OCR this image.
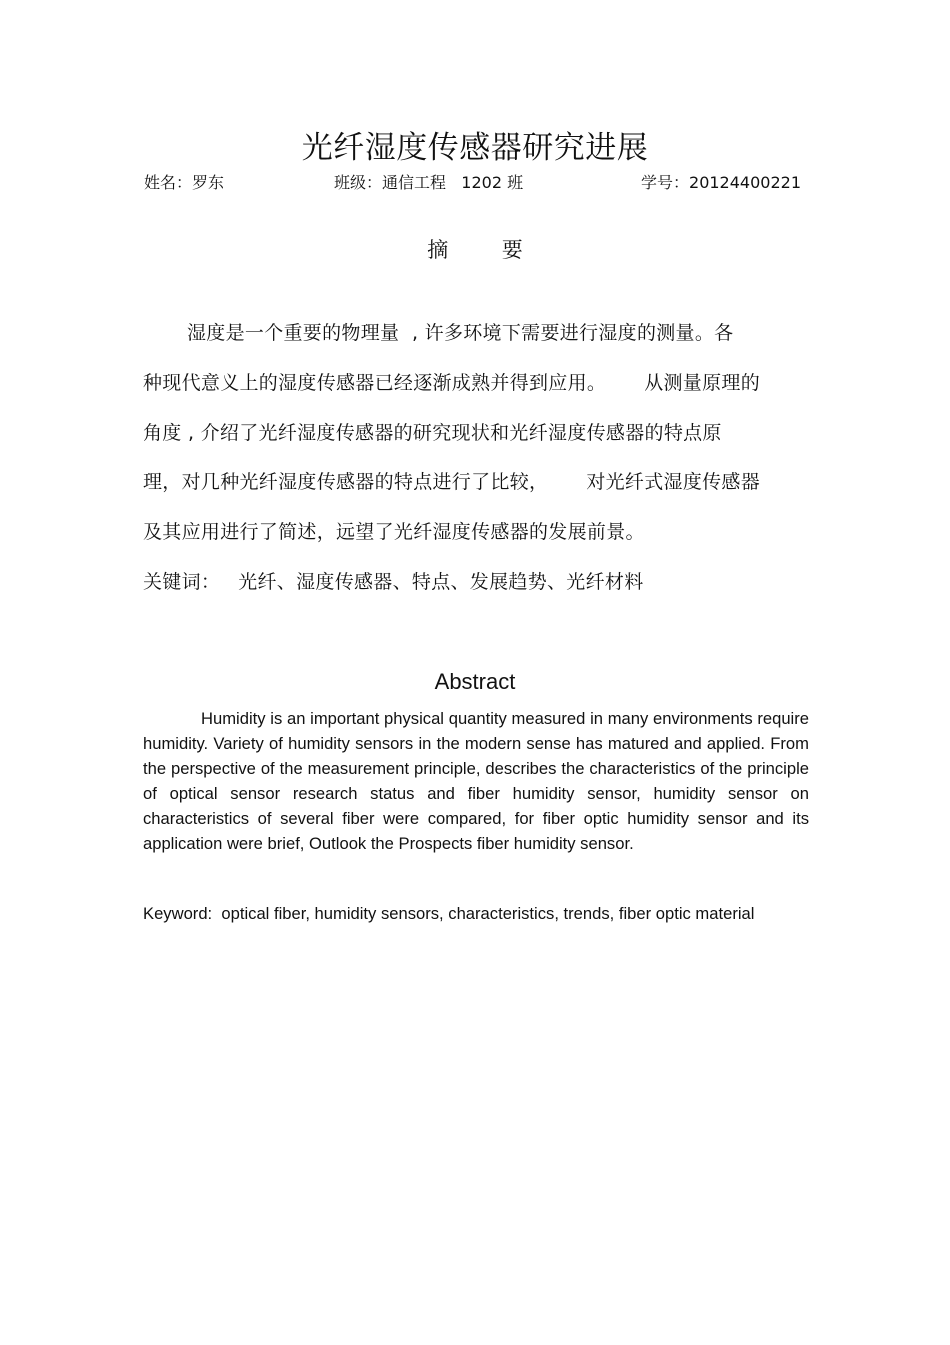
光纤湿度传感器研究进展
姓名：罗东	班级：通信工程   1202 班	学号：20124400221
摘        要
湿度是一个重要的物理量  , 许多环境下需要进行湿度的测量。各
种现代意义上的湿度传感器已经逐渐成熟并得到应用。 从测量原理的
角度 , 介绍了光纤湿度传感器的研究现状和光纤湿度传感器的特点原
理，对几种光纤湿度传感器的特点进行了比较， 对光纤式湿度传感器
及其应用进行了简述，远望了光纤湿度传感器的发展前景。
关键词： 光纤、湿度传感器、特点、发展趋势、光纤材料
Abstract
Humidity is an important physical quantity measured in many environments require humidity. Variety of humidity sensors in the modern sense has matured and applied. From the perspective of the measurement principle, describes the characteristics of the principle of optical sensor research status and fiber humidity sensor, humidity sensor on characteristics of several fiber were compared, for fiber optic humidity sensor and its application were brief, Outlook the Prospects fiber humidity sensor.
Keyword:  optical fiber, humidity sensors, characteristics, trends, fiber optic material
